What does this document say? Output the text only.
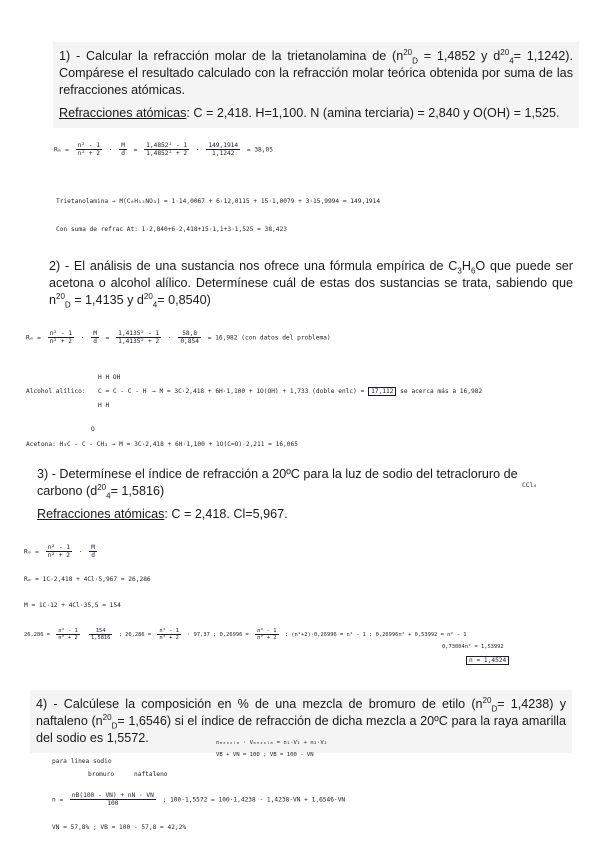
1) - Calcular la refracción molar de la trietanolamina de ($n^{20}_D = 1,4852$ y $d^{20}_4= 1,1242$). Compárese el resultado calculado con la refracción molar teórica obtenida por suma de las refracciones atómicas.

Refracciones atómicas: C = 2,418. H=1,100. N (amina terciaria) = 2,840 y O(OH) = 1,525.

$R_m = \frac{\text{n² - 1}}{\text{n² + 2}} \cdot \frac{M}{d} = \frac{\text{1,4852² - 1}}{\text{1,4852² + 2}} \cdot \frac{149,1914}{1,1242} = 38,05$
Trietanolamina → M(C₆H₁₅NO₃) = 1·14,0067 + 6·12,0115 + 15·1,0079 + 3·15,9994 = 149,1914
Con suma de refrac At: 1·2,840+6·2,418+15·1,1+3·1,525 = 38,423

2) - El análisis de una sustancia nos ofrece una fórmula empírica de $C_3H_6O$ que puede ser acetona o alcohol alílico. Determínese cuál de estas dos sustancias se trata, sabiendo que $n^{20}_D = 1,4135$ y $d^{20}_4= 0,8540$)

$R_m = \frac{\text{n² - 1}}{\text{n² + 2}} \cdot \frac{M}{d} = \frac{\text{1,4135² - 1}}{\text{1,4135² + 2}} \cdot \frac{58,8}{0,854} = 16,982$ (con datos del problema)
Alcohol alílico:
H H OH
C = C - C - H
H H
→ M = 3C·2,418 + 6H·1,100 + 1O(OH) + 1,733 (doble enlc) = 17,112 se acerca más a 16,982
O
Acetona: H₃C - C - CH₃ → M = 3C·2,418 + 6H·1,100 + 1O(C=O)·2,211 = 16,065

3) - Determínese el índice de refracción a 20ºC para la luz de sodio del tetracloruro de
carbono $(d^{20}_4= 1,5816)$

Refracciones atómicas: C = 2,418. Cl=5,967.

CCl₄
$R_m = \frac{\text{n² - 1}}{\text{n² + 2}} \cdot \frac{M}{d}$
Rₘ = 1C·2,418 + 4Cl·5,967 = 26,286
M = 1C·12 + 4Cl·35,5 = 154
$26,286 = \frac{\text{n² - 1}}{\text{n² + 2}}$
$\frac{154}{1,5816}$ ; $26,286 = \frac{\text{n² - 1}}{\text{n² + 2}} \cdot 97,37$ ; $0,26996 = \frac{\text{n² - 1}}{\text{n² + 2}}$ ; (n²+2)·0,26996 = n² - 1 ; 0,26996n² + 0,53992 = n² - 1
0,73004n² = 1,53992
n = 1,4524

4) - Calcúlese la composición en % de una mezcla de bromuro de etilo $(n^{20}_D= 1,4238)$ y naftaleno $(n^{20}_D= 1,6546)$ si el índice de refracción de dicha mezcla a 20ºC para la raya amarilla del sodio es 1,5572.	nₘₑₓₓₗₐ · Vₘₑₓₓₗₐ = n₁·V₁ + n₂·V₂
VB + VN = 100 ; VB = 100 - VN
para línea sodio
bromuro	naftaleno
$n = \frac{nB(100 - VN) + nN \cdot VN}{100}$ ; 100·1,5572 = 100·1,4238 - 1,4238·VN + 1,6546·VN
VN = 57,8% ; VB = 100 - 57,8 = 42,2%
